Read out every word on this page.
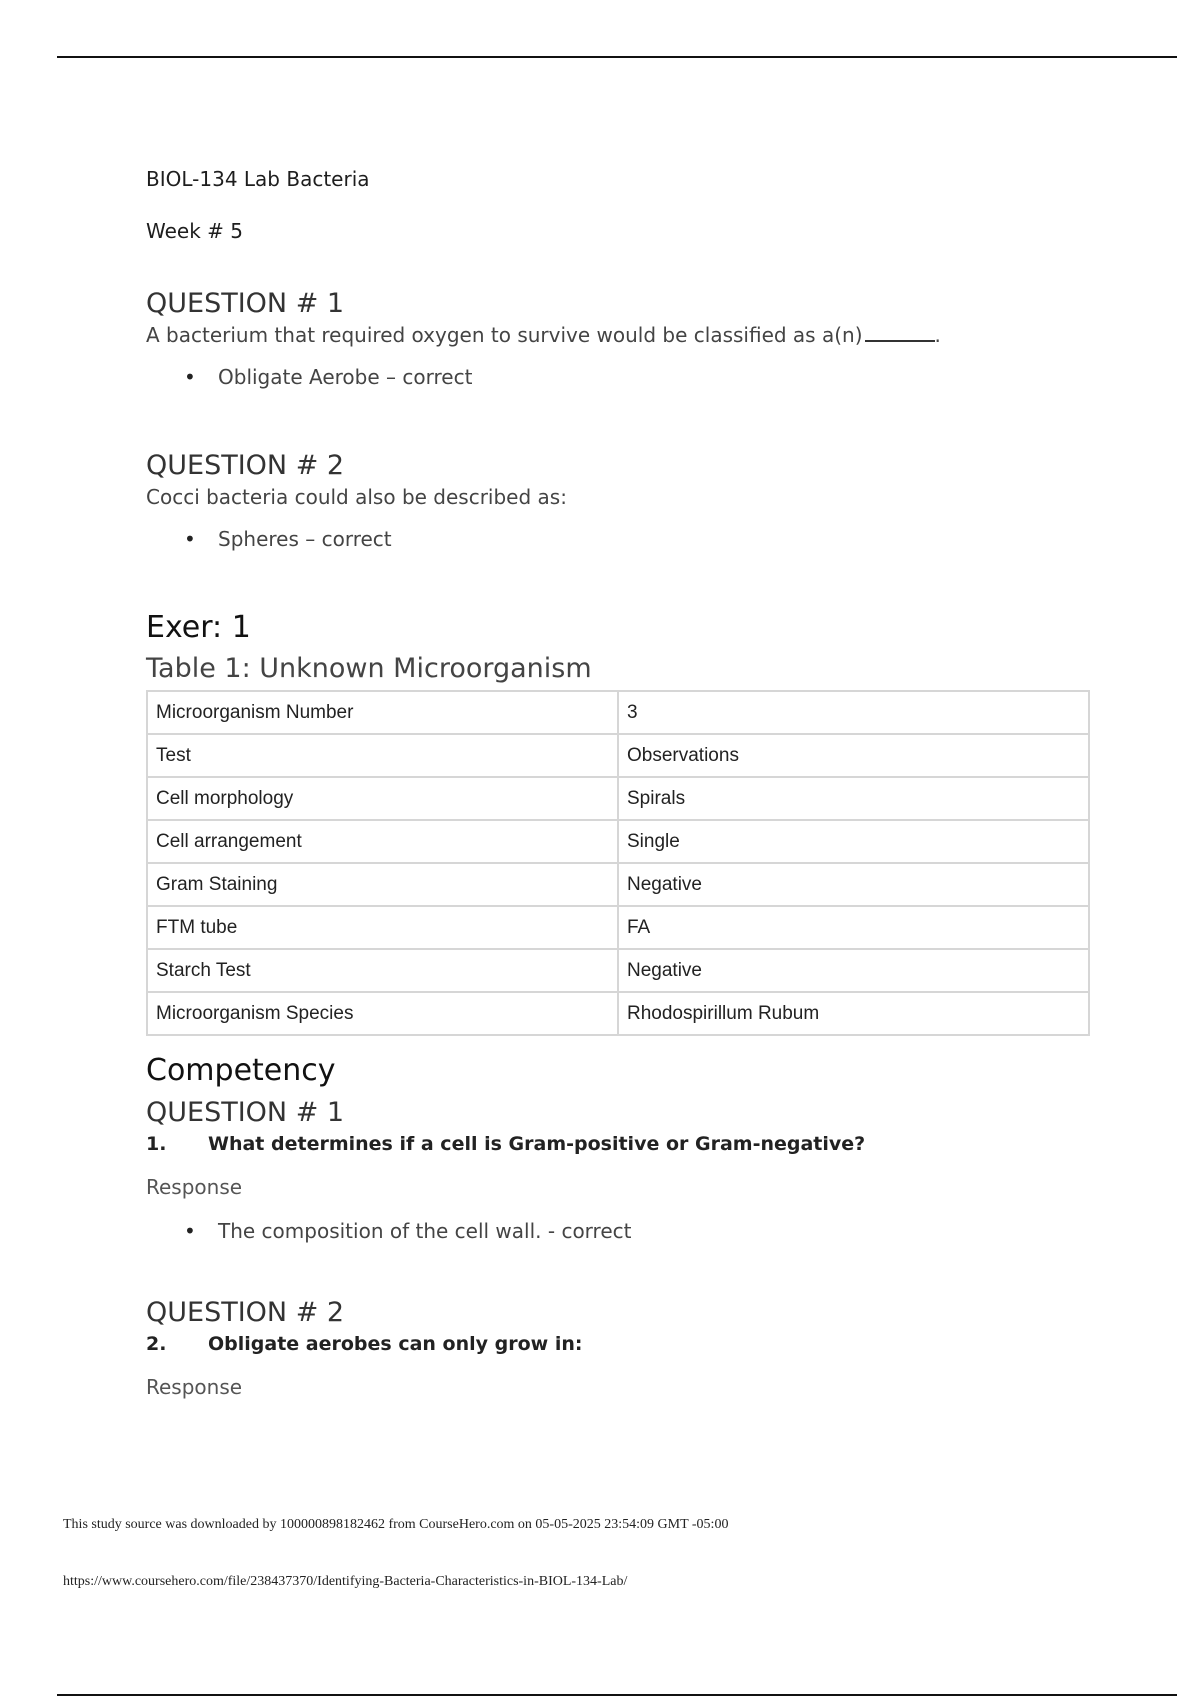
BIOL-134 Lab Bacteria
Week # 5
QUESTION # 1
A bacterium that required oxygen to survive would be classified as a(n)	.
• Obligate Aerobe – correct
QUESTION # 2
Cocci bacteria could also be described as:
• Spheres – correct
Exer: 1
Table 1: Unknown Microorganism
Microorganism Number	3
Test	Observations
Cell morphology	Spirals
Cell arrangement	Single
Gram Staining	Negative
FTM tube	FA
Starch Test	Negative
Microorganism Species	Rhodospirillum Rubum
Competency
QUESTION # 1
1. What determines if a cell is Gram-positive or Gram-negative?
Response
• The composition of the cell wall. - correct
QUESTION # 2
2. Obligate aerobes can only grow in:
Response
This study source was downloaded by 100000898182462 from CourseHero.com on 05-05-2025 23:54:09 GMT -05:00
https://www.coursehero.com/file/238437370/Identifying-Bacteria-Characteristics-in-BIOL-134-Lab/
